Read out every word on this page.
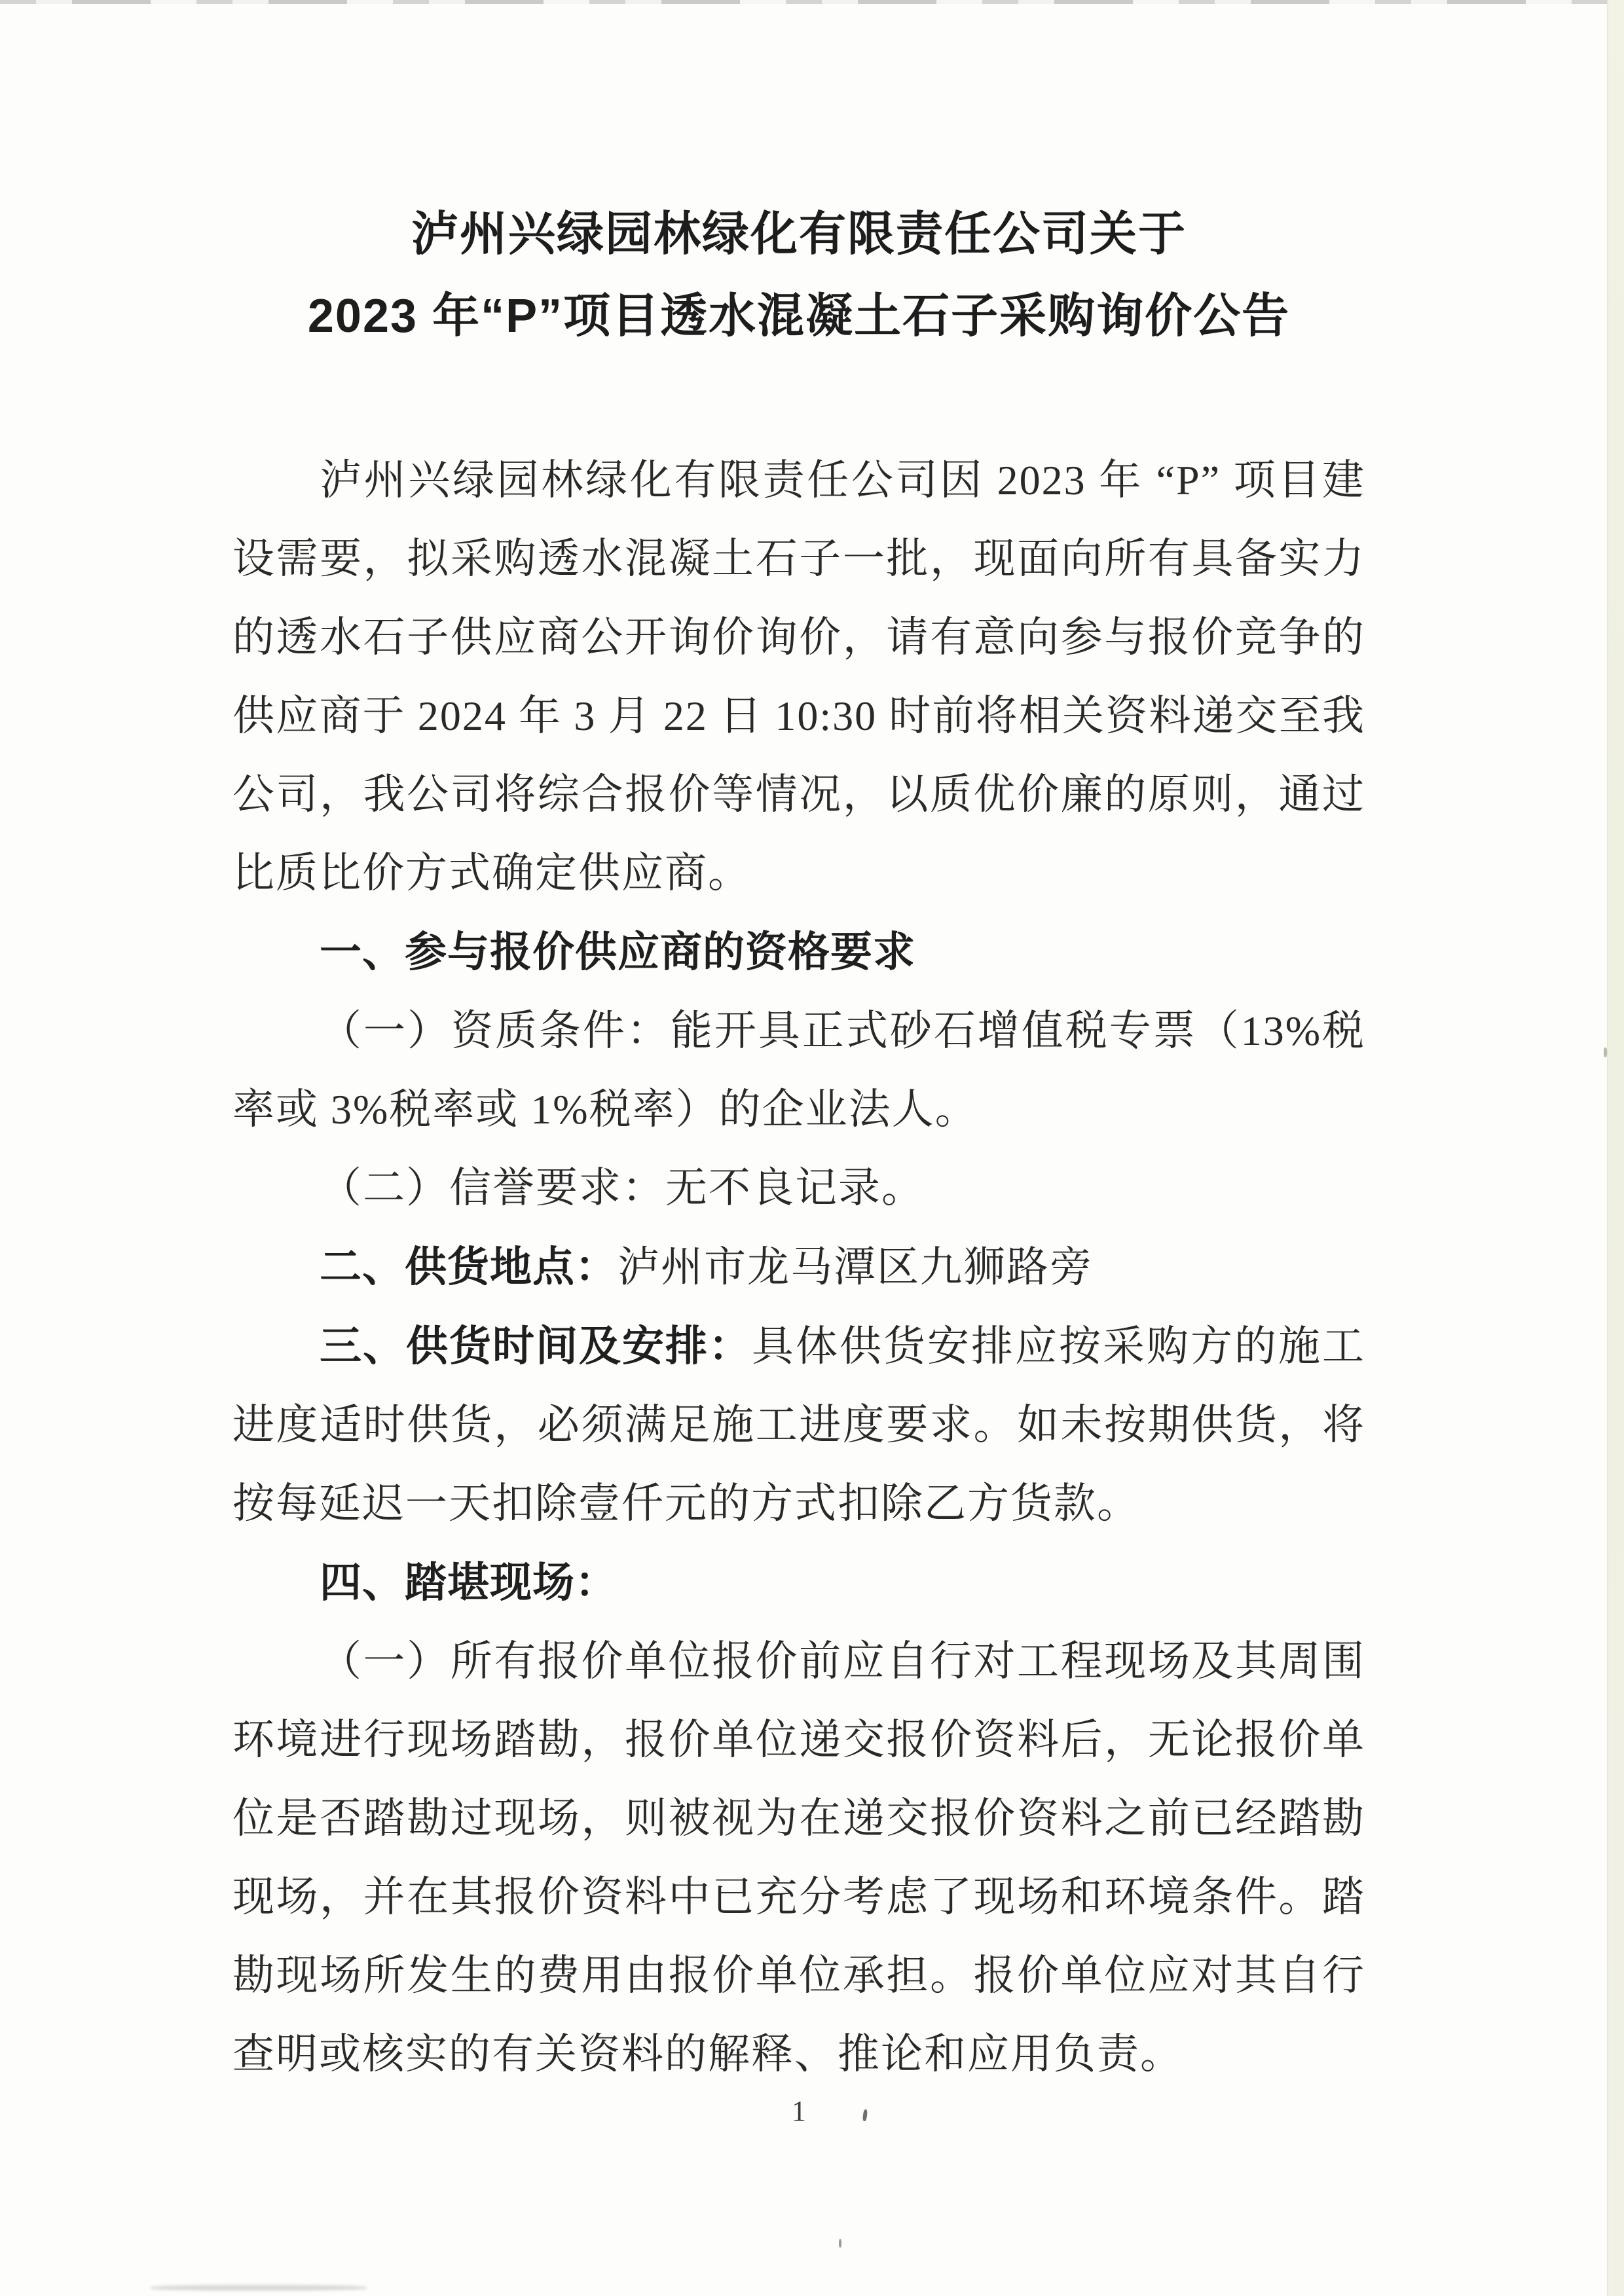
泸州兴绿园林绿化有限责任公司关于
2023 年“P”项目透水混凝土石子采购询价公告

泸州兴绿园林绿化有限责任公司因 2023 年 “P” 项目建设需要，拟采购透水混凝土石子一批，现面向所有具备实力的透水石子供应商公开询价询价，请有意向参与报价竞争的供应商于 2024 年 3 月 22 日 10:30 时前将相关资料递交至我公司，我公司将综合报价等情况，以质优价廉的原则，通过比质比价方式确定供应商。

一、参与报价供应商的资格要求

（一）资质条件：能开具正式砂石增值税专票（13%税率或 3%税率或 1%税率）的企业法人。

（二）信誉要求：无不良记录。

二、供货地点：泸州市龙马潭区九狮路旁

三、供货时间及安排：具体供货安排应按采购方的施工进度适时供货，必须满足施工进度要求。如未按期供货，将按每延迟一天扣除壹仟元的方式扣除乙方货款。

四、踏堪现场：

（一）所有报价单位报价前应自行对工程现场及其周围环境进行现场踏勘，报价单位递交报价资料后，无论报价单位是否踏勘过现场，则被视为在递交报价资料之前已经踏勘现场，并在其报价资料中已充分考虑了现场和环境条件。踏勘现场所发生的费用由报价单位承担。报价单位应对其自行查明或核实的有关资料的解释、推论和应用负责。

1
